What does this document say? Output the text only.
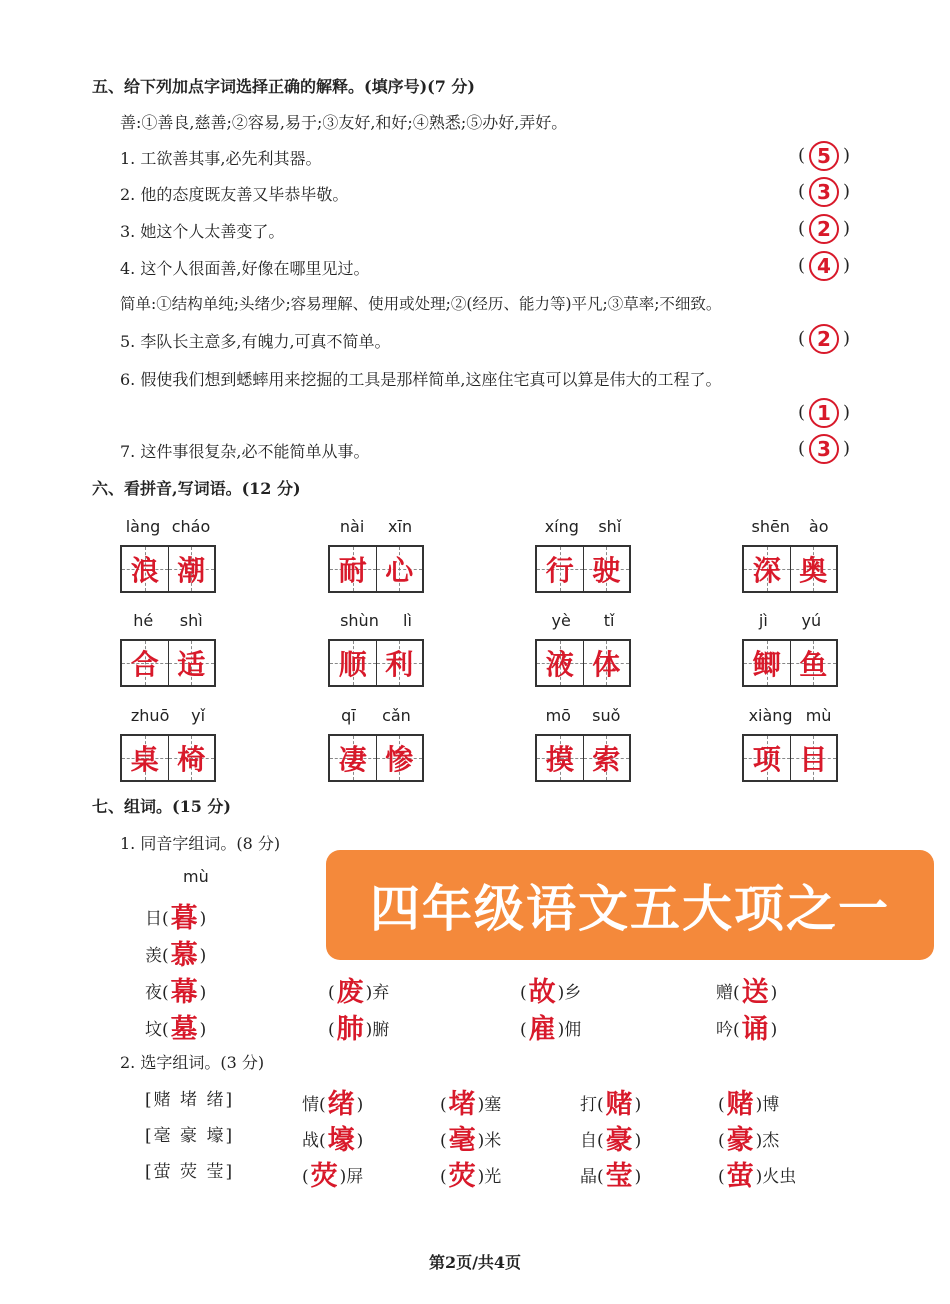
五、给下列加点字词选择正确的解释。(填序号)(7 分)
善:①善良,慈善;②容易,易于;③友好,和好;④熟悉;⑤办好,弄好。
1. 工欲善其事,必先利其器。	( 5 )
2. 他的态度既友善又毕恭毕敬。	( 3 )
3. 她这个人太善变了。	( 2 )
4. 这个人很面善,好像在哪里见过。	( 4 )
简单:①结构单纯;头绪少;容易理解、使用或处理;②(经历、能力等)平凡;③草率;不细致。
5. 李队长主意多,有魄力,可真不简单。	( 2 )
6. 假使我们想到蟋蟀用来挖掘的工具是那样简单,这座住宅真可以算是伟大的工程了。
( 1 )
7. 这件事很复杂,必不能简单从事。	( 3 )
六、看拼音,写词语。(12 分)
làng cháo
浪 潮
nài xīn
耐 心
xíng shǐ
行 驶
shēn ào
深 奥
hé shì
合 适
shùn lì
顺 利
yè tǐ
液 体
jì yú
鲫 鱼
zhuō yǐ
桌 椅
qī cǎn
凄 惨
mō suǒ
摸 索
xiàng mù
项 目
七、组词。(15 分)
1. 同音字组词。(8 分)
mù
日(暮 )
羡(慕 )
夜(幕 )
坟(墓 )
(废 )弃	(故 )乡	赠(送 )
(肺 )腑	(雇 )佣	吟(诵 )
2. 选字组词。(3 分)
[赌 堵 绪]	情(绪 )	(堵 )塞	打(赌 )	(赌 )博
[毫 豪 壕]	战(壕 )	(毫 )米	自(豪 )	(豪 )杰
[萤 荧 莹]	(荧 )屏	(荧 )光	晶(莹 )	(萤 )火虫
四年级语文五大项之一
第2页/共4页
